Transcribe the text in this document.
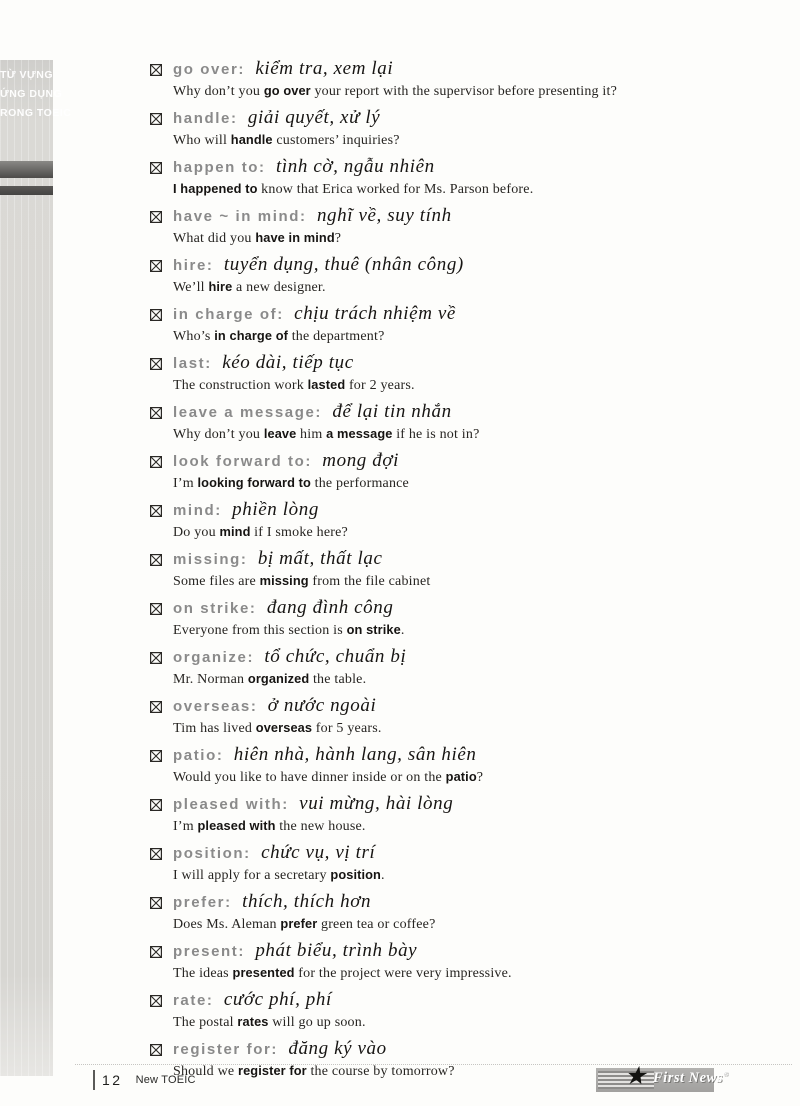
TỪ VỰNG
ỨNG DỤNG
RONG TOEIC
go over: kiểm tra, xem lại
Why don’t you go over your report with the supervisor before presenting it?
handle: giải quyết, xử lý
Who will handle customers’ inquiries?
happen to: tình cờ, ngẫu nhiên
I happened to know that Erica worked for Ms. Parson before.
have ~ in mind: nghĩ về, suy tính
What did you have in mind?
hire: tuyển dụng, thuê (nhân công)
We’ll hire a new designer.
in charge of: chịu trách nhiệm về
Who’s in charge of the department?
last: kéo dài, tiếp tục
The construction work lasted for 2 years.
leave a message: để lại tin nhắn
Why don’t you leave him a message if he is not in?
look forward to: mong đợi
I’m looking forward to the performance
mind: phiền lòng
Do you mind if I smoke here?
missing: bị mất, thất lạc
Some files are missing from the file cabinet
on strike: đang đình công
Everyone from this section is on strike.
organize: tổ chức, chuẩn bị
Mr. Norman organized the table.
overseas: ở nước ngoài
Tim has lived overseas for 5 years.
patio: hiên nhà, hành lang, sân hiên
Would you like to have dinner inside or on the patio?
pleased with: vui mừng, hài lòng
I’m pleased with the new house.
position: chức vụ, vị trí
I will apply for a secretary position.
prefer: thích, thích hơn
Does Ms. Aleman prefer green tea or coffee?
present: phát biểu, trình bày
The ideas presented for the project were very impressive.
rate: cước phí, phí
The postal rates will go up soon.
register for: đăng ký vào
Should we register for the course by tomorrow?
12 New TOEIC	★ First News®
